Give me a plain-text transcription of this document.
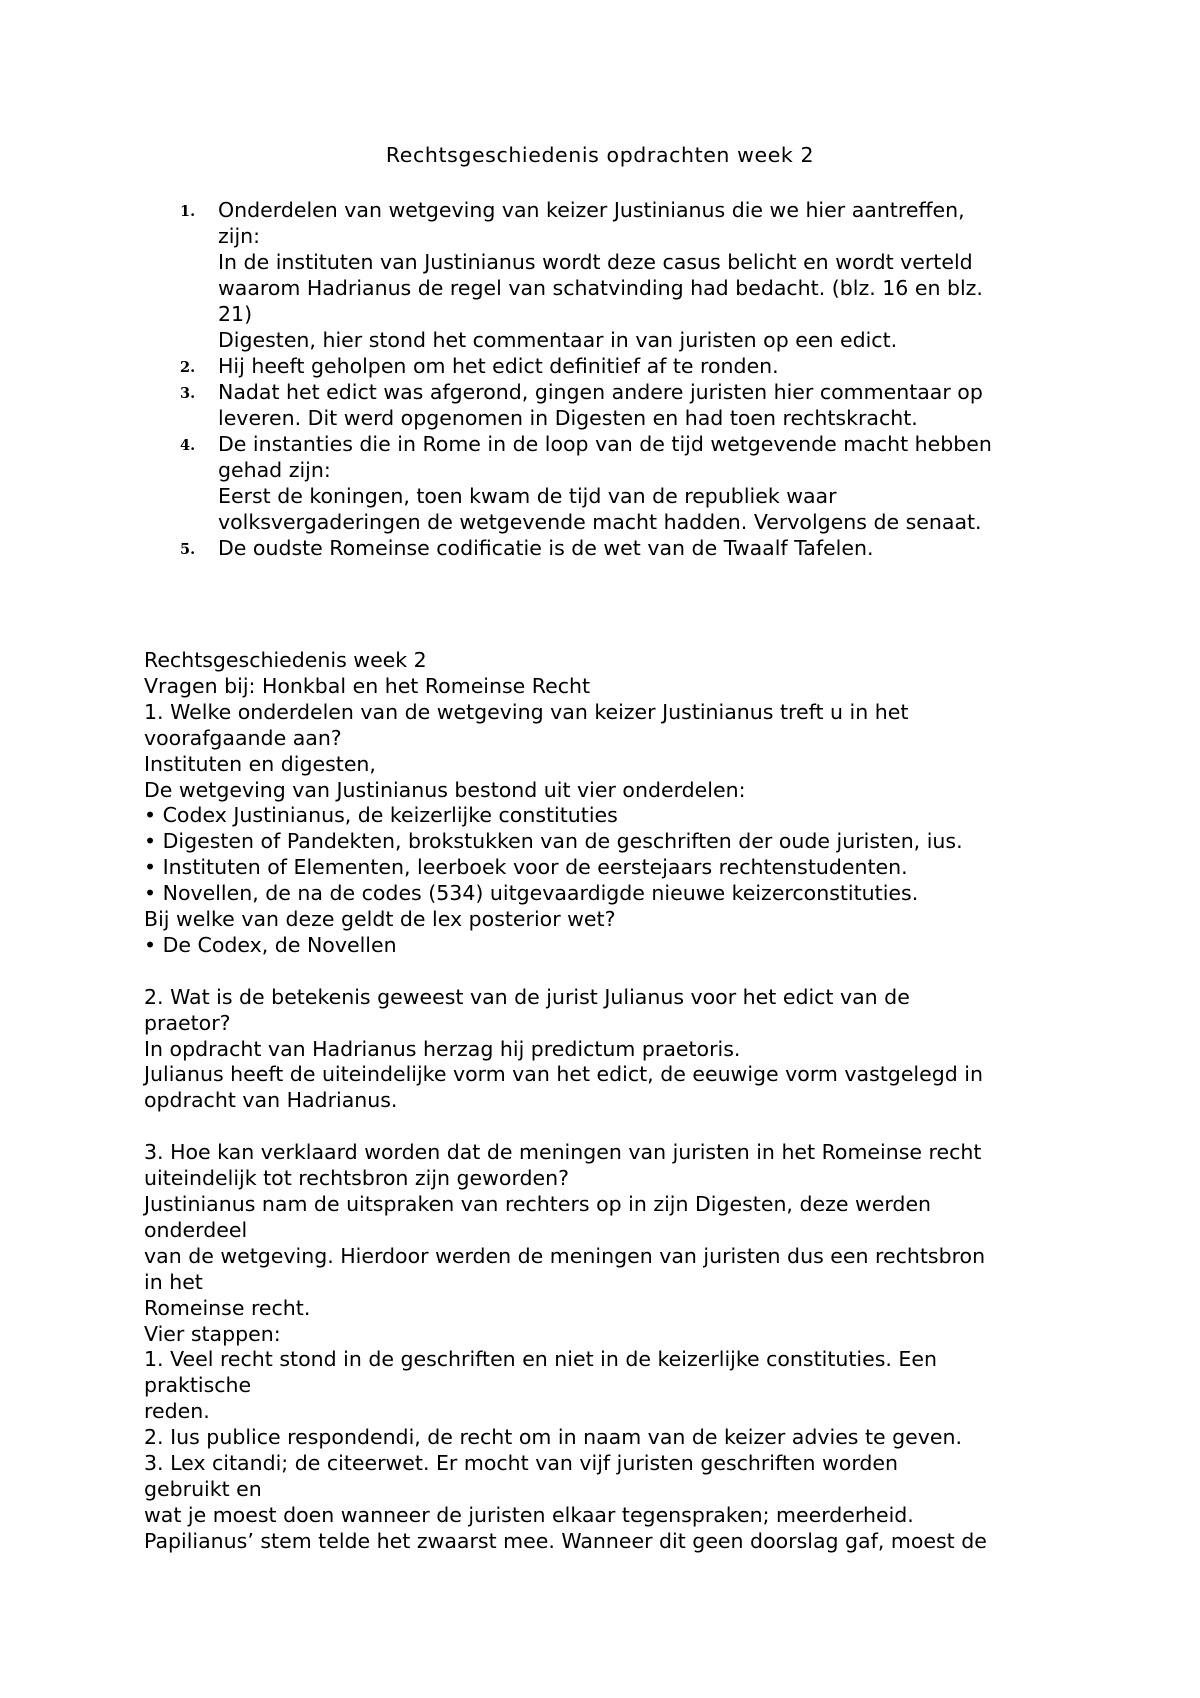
Rechtsgeschiedenis opdrachten week 2
1. Onderdelen van wetgeving van keizer Justinianus die we hier aantreffen,
zijn:
In de instituten van Justinianus wordt deze casus belicht en wordt verteld
waarom Hadrianus de regel van schatvinding had bedacht. (blz. 16 en blz.
21)
Digesten, hier stond het commentaar in van juristen op een edict.
2. Hij heeft geholpen om het edict definitief af te ronden.
3. Nadat het edict was afgerond, gingen andere juristen hier commentaar op
leveren. Dit werd opgenomen in Digesten en had toen rechtskracht.
4. De instanties die in Rome in de loop van de tijd wetgevende macht hebben
gehad zijn:
Eerst de koningen, toen kwam de tijd van de republiek waar
volksvergaderingen de wetgevende macht hadden. Vervolgens de senaat.
5. De oudste Romeinse codificatie is de wet van de Twaalf Tafelen.
Rechtsgeschiedenis week 2
Vragen bij: Honkbal en het Romeinse Recht
1. Welke onderdelen van de wetgeving van keizer Justinianus treft u in het
voorafgaande aan?
Instituten en digesten,
De wetgeving van Justinianus bestond uit vier onderdelen:
• Codex Justinianus, de keizerlijke constituties
• Digesten of Pandekten, brokstukken van de geschriften der oude juristen, ius.
• Instituten of Elementen, leerboek voor de eerstejaars rechtenstudenten.
• Novellen, de na de codes (534) uitgevaardigde nieuwe keizerconstituties.
Bij welke van deze geldt de lex posterior wet?
• De Codex, de Novellen
2. Wat is de betekenis geweest van de jurist Julianus voor het edict van de
praetor?
In opdracht van Hadrianus herzag hij predictum praetoris.
Julianus heeft de uiteindelijke vorm van het edict, de eeuwige vorm vastgelegd in
opdracht van Hadrianus.
3. Hoe kan verklaard worden dat de meningen van juristen in het Romeinse recht
uiteindelijk tot rechtsbron zijn geworden?
Justinianus nam de uitspraken van rechters op in zijn Digesten, deze werden
onderdeel
van de wetgeving. Hierdoor werden de meningen van juristen dus een rechtsbron
in het
Romeinse recht.
Vier stappen:
1. Veel recht stond in de geschriften en niet in de keizerlijke constituties. Een
praktische
reden.
2. Ius publice respondendi, de recht om in naam van de keizer advies te geven.
3. Lex citandi; de citeerwet. Er mocht van vijf juristen geschriften worden
gebruikt en
wat je moest doen wanneer de juristen elkaar tegenspraken; meerderheid.
Papilianus’ stem telde het zwaarst mee. Wanneer dit geen doorslag gaf, moest de
